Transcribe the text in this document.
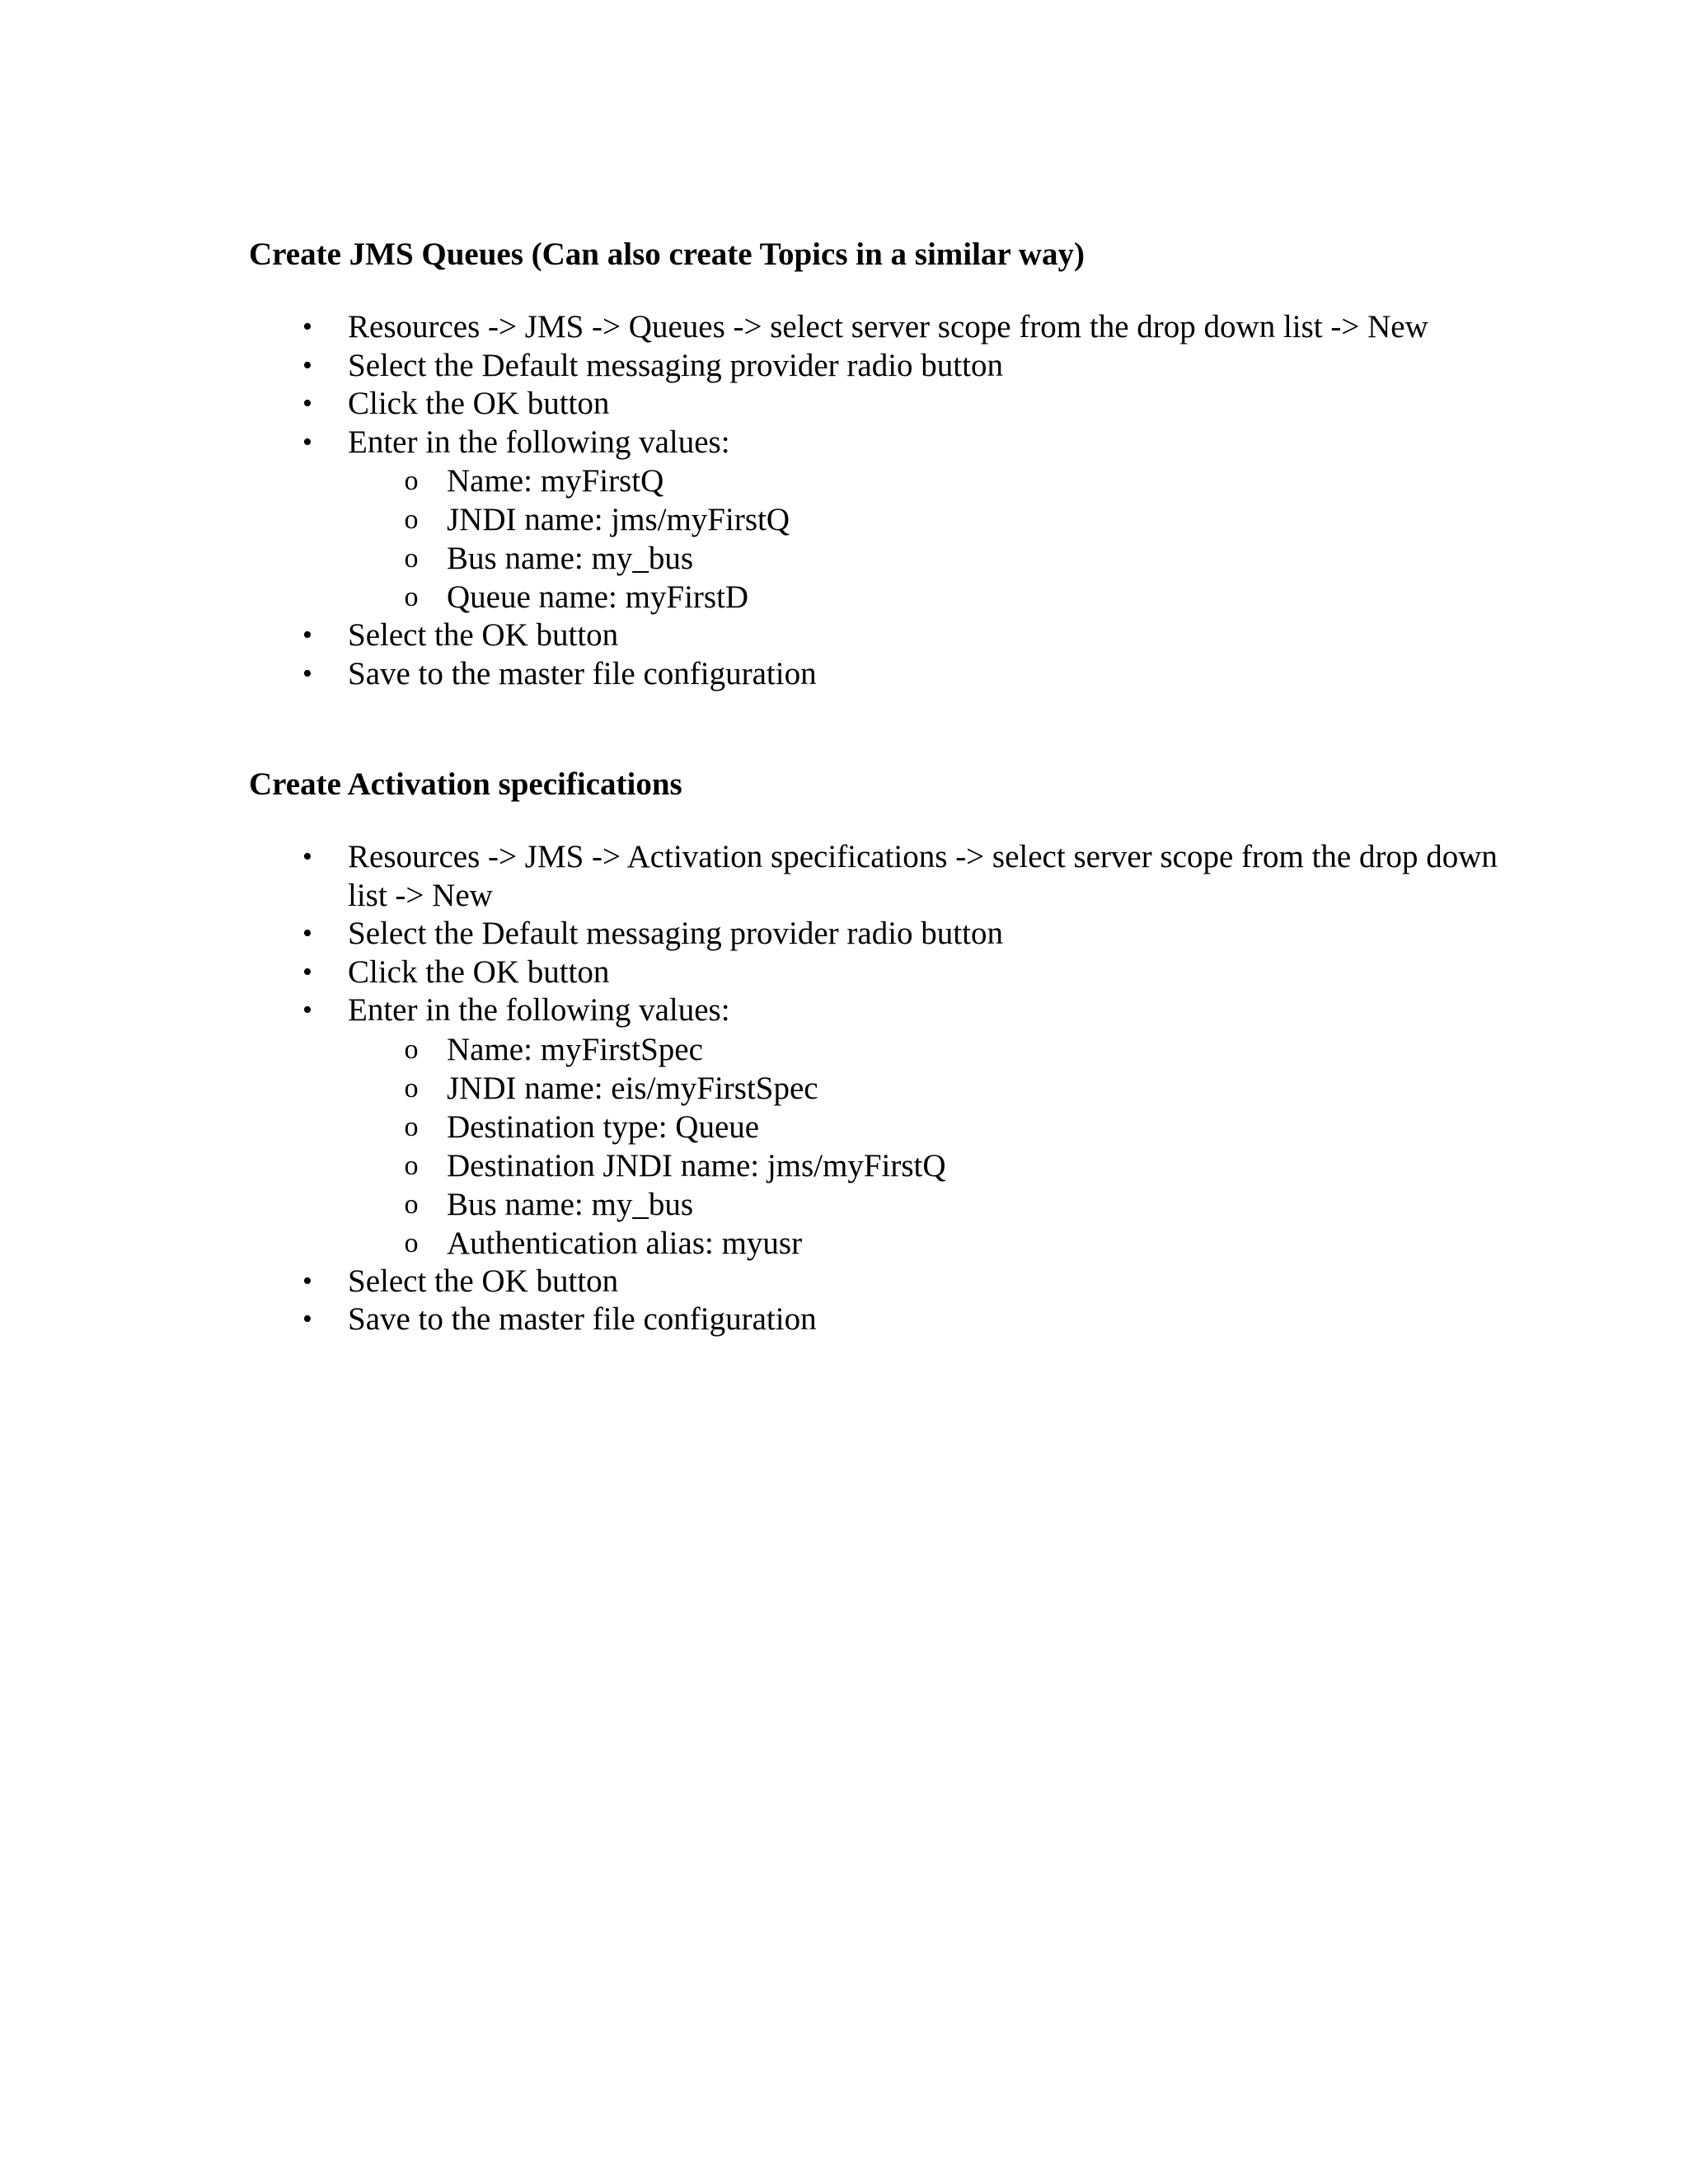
Create JMS Queues (Can also create Topics in a similar way)
• Resources -> JMS -> Queues -> select server scope from the drop down list -> New
• Select the Default messaging provider radio button
• Click the OK button
• Enter in the following values:
o Name: myFirstQ
o JNDI name: jms/myFirstQ
o Bus name: my_bus
o Queue name: myFirstD
• Select the OK button
• Save to the master file configuration
Create Activation specifications
• Resources -> JMS -> Activation specifications -> select server scope from the drop down list -> New
• Select the Default messaging provider radio button
• Click the OK button
• Enter in the following values:
o Name: myFirstSpec
o JNDI name: eis/myFirstSpec
o Destination type: Queue
o Destination JNDI name: jms/myFirstQ
o Bus name: my_bus
o Authentication alias: myusr
• Select the OK button
• Save to the master file configuration
